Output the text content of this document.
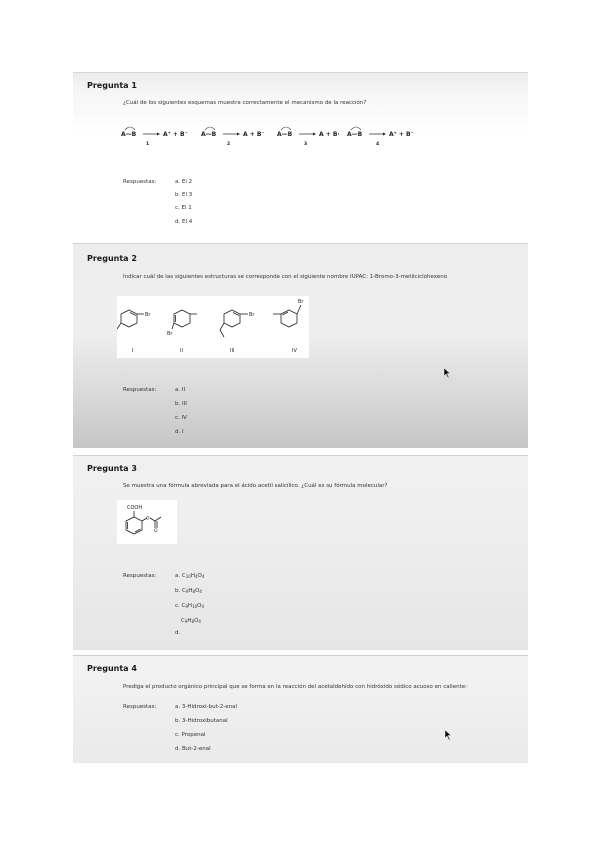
Pregunta 1
¿Cuál de los siguientes esquemas muestra correctamente el mecanismo de la reacción?
A—B
1
A⁺ + B⁻ A—B
2
A + B⁻ A—B
3
A + B· A—B
4
A⁺ + B⁻
Respuestas:	a. El 2
b. El 3
c. El 1
d. El 4
Pregunta 2
Indicar cuál de las siguientes estructuras se corresponde con el siguiente nombre IUPAC: 1-Bromo-3-metilciclohexeno
Br
Br
Br
Br
I	II	III	IV
Respuestas:	a. II
b. III
c. IV
d. I
Pregunta 3
Se muestra una fórmula abreviada para el ácido acetil salicílico. ¿Cuál es su fórmula molecular?
COOH
O
O
Respuestas:	a. $C_{10}H_4O_4$
b. $C_9H_8O_4$
c. $C_9H_{10}O_4$
$C_9H_8O_4$
d.
Pregunta 4
Prediga el producto orgánico principal que se forma en la reacción del acetaldehído con hidróxido sódico acuoso en caliente:
Respuestas:	a. 3-Hidroxi-but-2-enal
b. 3-Hidroxibutanal
c. Propenal
d. But-2-enal
